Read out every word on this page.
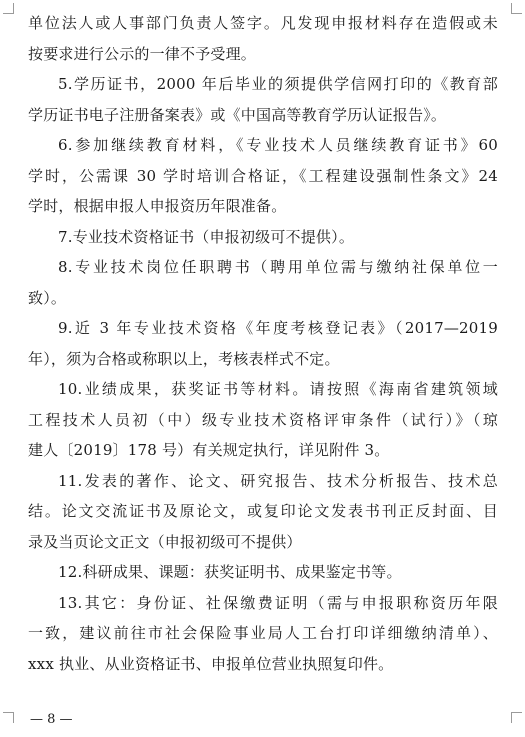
单位法人或人事部门负责人签字。凡发现申报材料存在造假或未
按要求进行公示的一律不予受理。
5.学历证书，2000 年后毕业的须提供学信网打印的《教育部
学历证书电子注册备案表》或《中国高等教育学历认证报告》。
6.参加继续教育材料，《专业技术人员继续教育证书》60
学时，公需课 30 学时培训合格证，《工程建设强制性条文》24
学时，根据申报人申报资历年限准备。
7.专业技术资格证书（申报初级可不提供）。
8.专业技术岗位任职聘书（聘用单位需与缴纳社保单位一
致）。
9.近 3 年专业技术资格《年度考核登记表》（2017—2019
年），须为合格或称职以上，考核表样式不定。
10.业绩成果，获奖证书等材料。请按照《海南省建筑领域
工程技术人员初（中）级专业技术资格评审条件（试行）》（琼
建人〔2019〕178 号）有关规定执行，详见附件 3。
11.发表的著作、论文、研究报告、技术分析报告、技术总
结。论文交流证书及原论文，或复印论文发表书刊正反封面、目
录及当页论文正文（申报初级可不提供）
12.科研成果、课题：获奖证明书、成果鉴定书等。
13.其它：身份证、社保缴费证明（需与申报职称资历年限
一致，建议前往市社会保险事业局人工台打印详细缴纳清单）、
xxx 执业、从业资格证书、申报单位营业执照复印件。
— 8 —
